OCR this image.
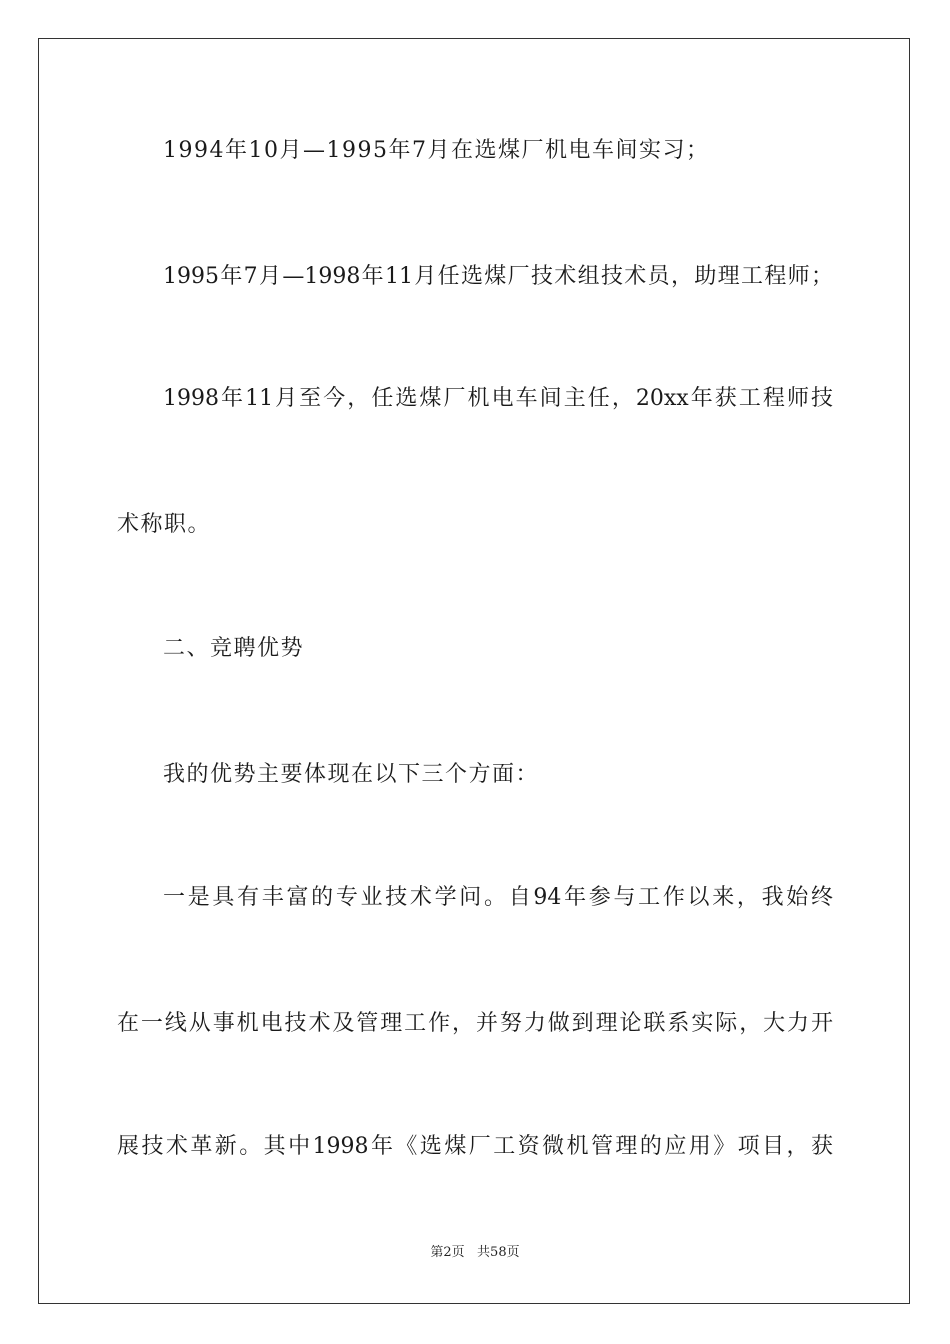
1994年10月—1995年7月在选煤厂机电车间实习；
1995年7月—1998年11月任选煤厂技术组技术员，助理工程师；
1998年11月至今，任选煤厂机电车间主任，20xx年获工程师技
术称职。
二、竞聘优势
我的优势主要体现在以下三个方面：
一是具有丰富的专业技术学问。自94年参与工作以来，我始终
在一线从事机电技术及管理工作，并努力做到理论联系实际，大力开
展技术革新。其中1998年《选煤厂工资微机管理的应用》项目，获
第2页   共58页
